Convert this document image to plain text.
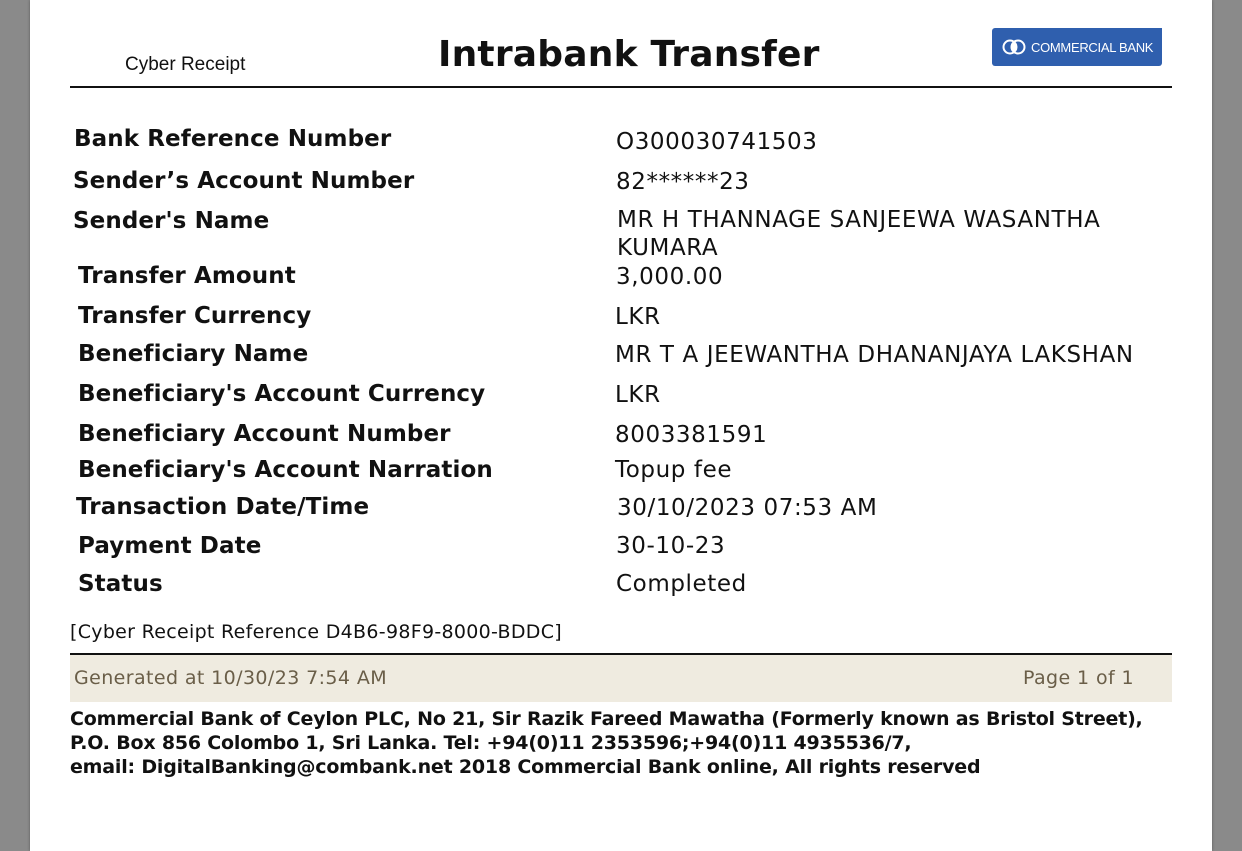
Cyber Receipt	Intrabank Transfer	COMMERCIAL BANK
Bank Reference Number	O300030741503
Sender’s Account Number	82******23
Sender's Name	MR H THANNAGE SANJEEWA WASANTHA
KUMARA
Transfer Amount	3,000.00
Transfer Currency	LKR
Beneficiary Name	MR T A JEEWANTHA DHANANJAYA LAKSHAN
Beneficiary's Account Currency	LKR
Beneficiary Account Number	8003381591
Beneficiary's Account Narration	Topup fee
Transaction Date/Time	30/10/2023 07:53 AM
Payment Date	30-10-23
Status	Completed
[Cyber Receipt Reference D4B6-98F9-8000-BDDC]
Generated at 10/30/23 7:54 AM	Page 1 of 1
Commercial Bank of Ceylon PLC, No 21, Sir Razik Fareed Mawatha (Formerly known as Bristol Street),
P.O. Box 856 Colombo 1, Sri Lanka. Tel: +94(0)11 2353596;+94(0)11 4935536/7,
email: DigitalBanking@combank.net 2018 Commercial Bank online, All rights reserved
